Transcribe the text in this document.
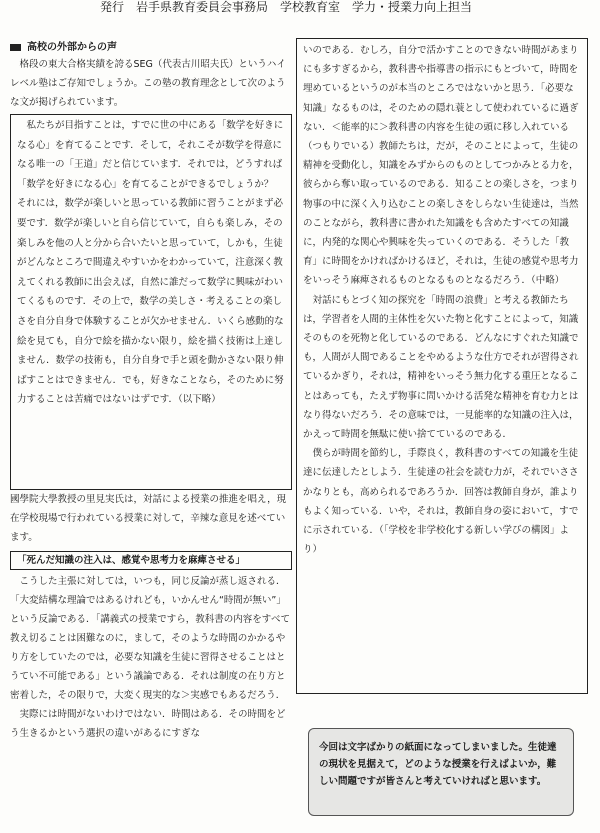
発行　岩手県教育委員会事務局　学校教育室　学力・授業力向上担当
高校の外部からの声

　格段の東大合格実績を誇るSEG（代表古川昭夫氏）というハイレベル塾はご存知でしょうか。この塾の教育理念として次のような文が掲げられています。

　私たちが目指すことは，すでに世の中にある「数学を好きになる心」を育てることです．そして，それこそが数学を得意になる唯一の「王道」だと信じています．それでは，どうすれば「数学を好きになる心」を育てることができるでしょうか？　それには，数学が楽しいと思っている教師に習うことがまず必要です．数学が楽しいと自ら信じていて，自らも楽しみ，その楽しみを他の人と分から合いたいと思っていて，しかも，生徒がどんなところで間違えやすいかをわかっていて，注意深く教えてくれる教師に出会えば，自然に誰だって数学に興味がわいてくるものです．その上で，数学の美しさ・考えることの楽しさを自分自身で体験することが欠かせません．いくら感動的な絵を見ても，自分で絵を描かない限り，絵を描く技術は上達しません．数学の技術も，自分自身で手と頭を動かさない限り伸ばすことはできません．でも，好きなことなら，そのために努力することは苦痛ではないはずです．（以下略）

國學院大學教授の里見実氏は，対話による授業の推進を唱え，現在学校現場で行われている授業に対して，辛辣な意見を述べています。

「死んだ知識の注入は、感覚や思考力を麻痺させる」

　こうした主張に対しては，いつも，同じ反論が蒸し返される．「大変結構な理論ではあるけれども，いかんせん“時間が無い”」という反論である．「講義式の授業ですら，教科書の内容をすべて教え切ることは困難なのに，まして，そのような時間のかかるやり方をしていたのでは，必要な知識を生徒に習得させることはとうてい不可能である」という議論である．それは制度の在り方と密着した，その限りで，大変く現実的な＞実感でもあるだろう．
　実際には時間がないわけではない．時間はある．その時間をどう生きるかという選択の違いがあるにすぎな

いのである．むしろ，自分で活かすことのできない時間があまりにも多すぎるから，教科書や指導書の指示にもとづいて，時間を埋めているというのが本当のところではないかと思う．「必要な知識」なるものは，そのための隠れ蓑として使われているに過ぎない．＜能率的に＞教科書の内容を生徒の頭に移し入れている（つもりでいる）教師たちは，だが，そのことによって，生徒の精神を受動化し，知識をみずからのものとしてつかみとる力を，彼らから奪い取っているのである．知ることの楽しさを，つまり物事の中に深く入り込むことの楽しさをしらない生徒達は，当然のことながら，教科書に書かれた知識をも含めたすべての知識に，内発的な関心や興味を失っていくのである．そうした「教育」に時間をかければかけるほど，それは，生徒の感覚や思考力をいっそう麻痺されるものとなるものとなるだろう．（中略）
　対話にもとづく知の探究を「時間の浪費」と考える教師たちは，学習者を人間的主体性を欠いた物と化すことによって，知識そのものを死物と化しているのである．どんなにすぐれた知識でも，人間が人間であることをやめるような仕方でそれが習得されているかぎり，それは，精神をいっそう無力化する重圧となることはあっても，たえず物事に問いかける活発な精神を育む力とはなり得ないだろう．その意味では，一見能率的な知識の注入は，かえって時間を無駄に使い捨てているのである．
　僕らが時間を節約し，手際良く，教科書のすべての知識を生徒達に伝達したとしよう．生徒達の社会を読む力が，それでいささかなりとも，高められるであろうか．回答は教師自身が，誰よりもよく知っている．いや，それは，教師自身の姿において，すでに示されている．（「学校を非学校化する新しい学びの構図」より）

今回は文字ばかりの紙面になってしまいました。生徒達の現状を見据えて，どのような授業を行えばよいか，難しい問題ですが皆さんと考えていければと思います。
